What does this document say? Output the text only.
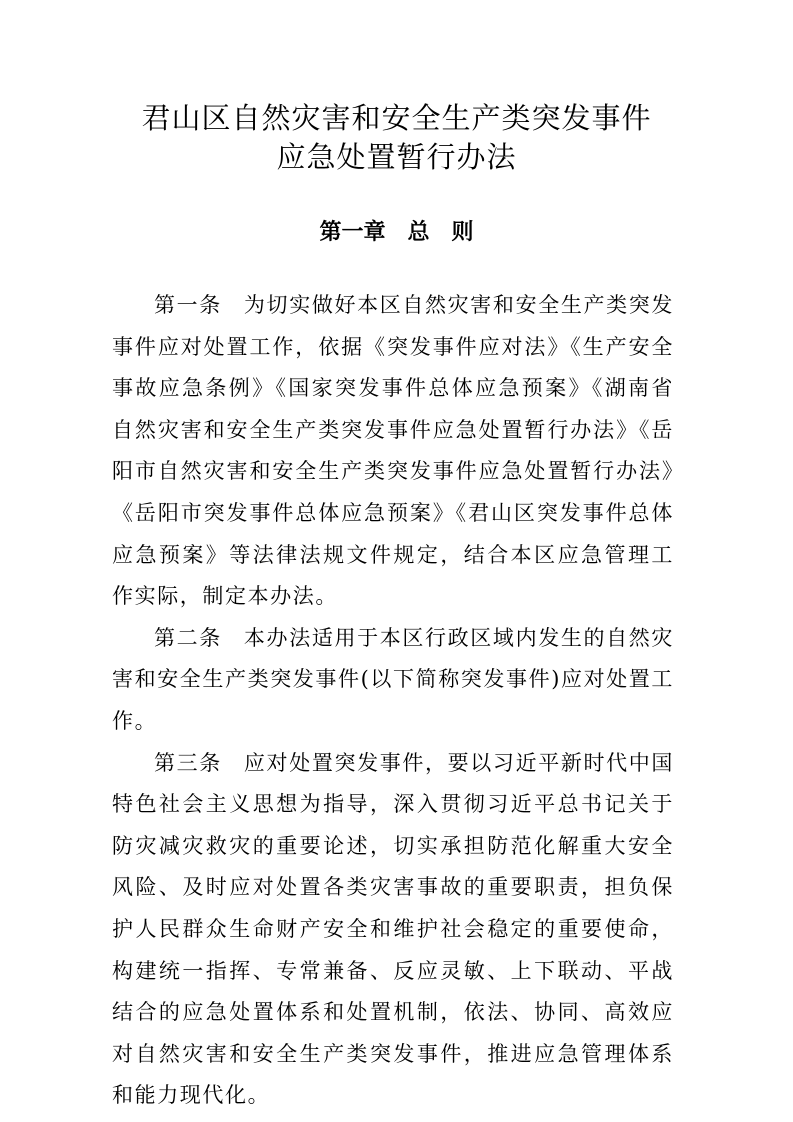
君山区自然灾害和安全生产类突发事件
应急处置暂行办法
第一章 总　则

第一条 为切实做好本区自然灾害和安全生产类突发事件应对处置工作，依据《突发事件应对法》《生产安全事故应急条例》《国家突发事件总体应急预案》《湖南省自然灾害和安全生产类突发事件应急处置暂行办法》《岳阳市自然灾害和安全生产类突发事件应急处置暂行办法》《岳阳市突发事件总体应急预案》《君山区突发事件总体应急预案》等法律法规文件规定，结合本区应急管理工作实际，制定本办法。

第二条 本办法适用于本区行政区域内发生的自然灾害和安全生产类突发事件(以下简称突发事件)应对处置工作。

第三条 应对处置突发事件，要以习近平新时代中国特色社会主义思想为指导，深入贯彻习近平总书记关于防灾减灾救灾的重要论述，切实承担防范化解重大安全风险、及时应对处置各类灾害事故的重要职责，担负保护人民群众生命财产安全和维护社会稳定的重要使命，构建统一指挥、专常兼备、反应灵敏、上下联动、平战结合的应急处置体系和处置机制，依法、协同、高效应对自然灾害和安全生产类突发事件，推进应急管理体系和能力现代化。
